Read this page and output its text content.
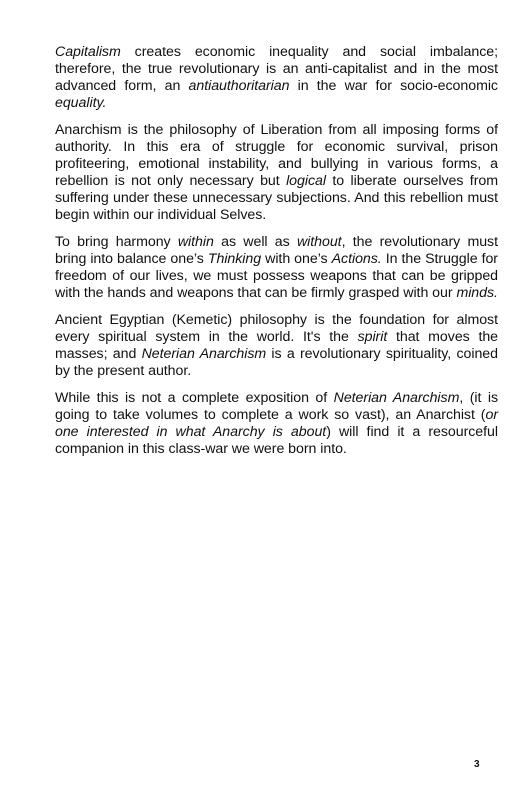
Capitalism creates economic inequality and social imbalance; therefore, the true revolutionary is an anti-capitalist and in the most advanced form, an antiauthoritarian in the war for socio-economic equality.

Anarchism is the philosophy of Liberation from all imposing forms of authority. In this era of struggle for economic survival, prison profiteering, emotional instability, and bullying in various forms, a rebellion is not only necessary but logical to liberate ourselves from suffering under these unnecessary subjections. And this rebellion must begin within our individual Selves.

To bring harmony within as well as without, the revolutionary must bring into balance one’s Thinking with one’s Actions. In the Struggle for freedom of our lives, we must possess weapons that can be gripped with the hands and weapons that can be firmly grasped with our minds.

Ancient Egyptian (Kemetic) philosophy is the foundation for almost every spiritual system in the world. It's the spirit that moves the masses; and Neterian Anarchism is a revolutionary spirituality, coined by the present author.

While this is not a complete exposition of Neterian Anarchism, (it is going to take volumes to complete a work so vast), an Anarchist (or one interested in what Anarchy is about) will find it a resourceful companion in this class-war we were born into.

3
